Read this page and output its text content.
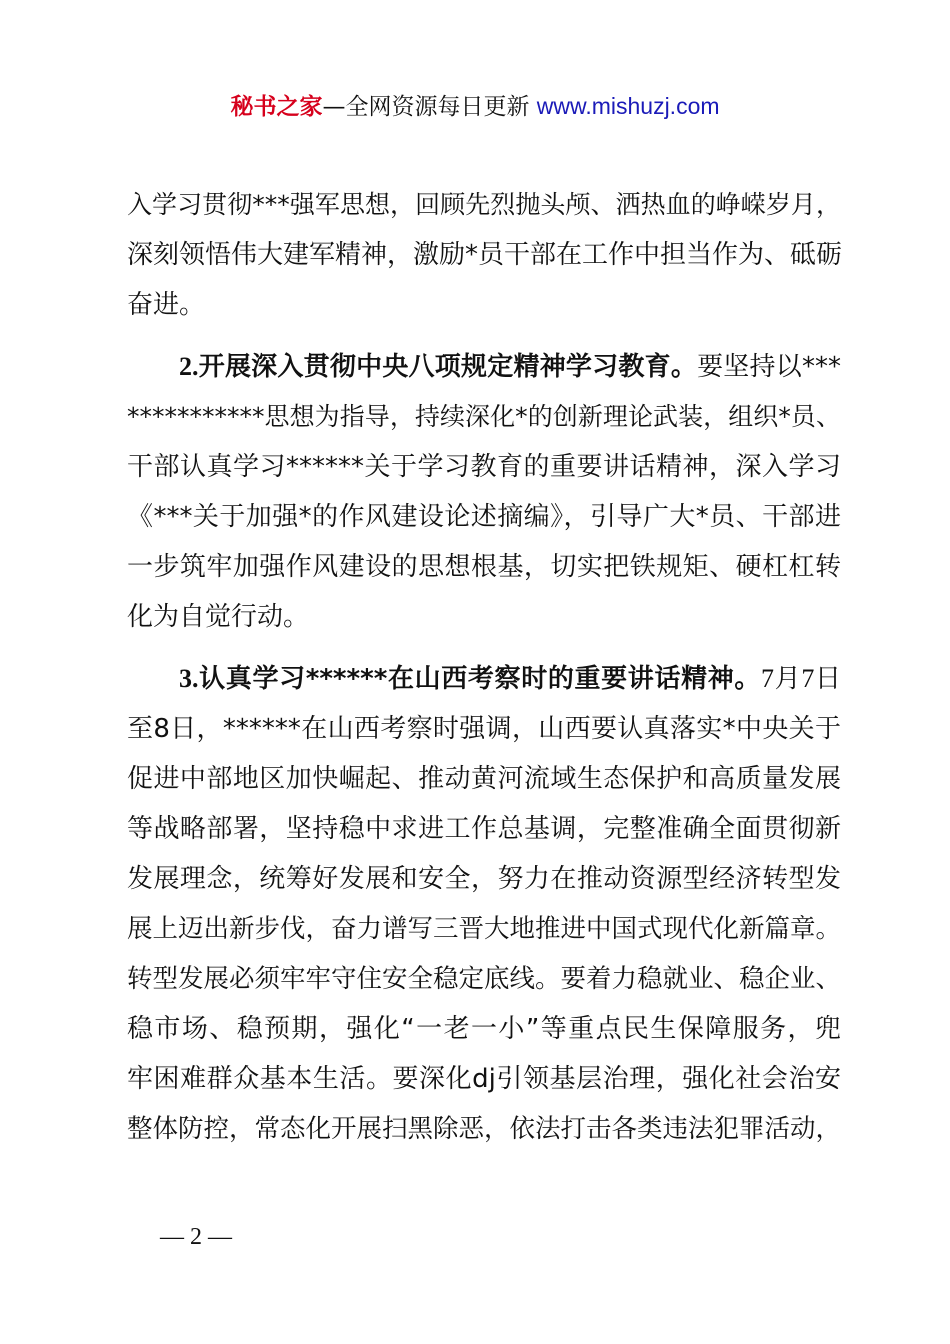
秘书之家—全网资源每日更新 www.mishuzj.com
入学习贯彻***强军思想，回顾先烈抛头颅、洒热血的峥嵘岁月，
深刻领悟伟大建军精神，激励*员干部在工作中担当作为、砥砺
奋进。
2.开展深入贯彻中央八项规定精神学习教育。要坚持以***
***********思想为指导，持续深化*的创新理论武装，组织*员、
干部认真学习******关于学习教育的重要讲话精神，深入学习
《***关于加强*的作风建设论述摘编》，引导广大*员、干部进
一步筑牢加强作风建设的思想根基，切实把铁规矩、硬杠杠转
化为自觉行动。
3.认真学习******在山西考察时的重要讲话精神。7月7日
至8日，******在山西考察时强调，山西要认真落实*中央关于
促进中部地区加快崛起、推动黄河流域生态保护和高质量发展
等战略部署，坚持稳中求进工作总基调，完整准确全面贯彻新
发展理念，统筹好发展和安全，努力在推动资源型经济转型发
展上迈出新步伐，奋力谱写三晋大地推进中国式现代化新篇章。
转型发展必须牢牢守住安全稳定底线。要着力稳就业、稳企业、
稳市场、稳预期，强化“一老一小”等重点民生保障服务，兜
牢困难群众基本生活。要深化dj引领基层治理，强化社会治安
整体防控，常态化开展扫黑除恶，依法打击各类违法犯罪活动，
— 2 —
